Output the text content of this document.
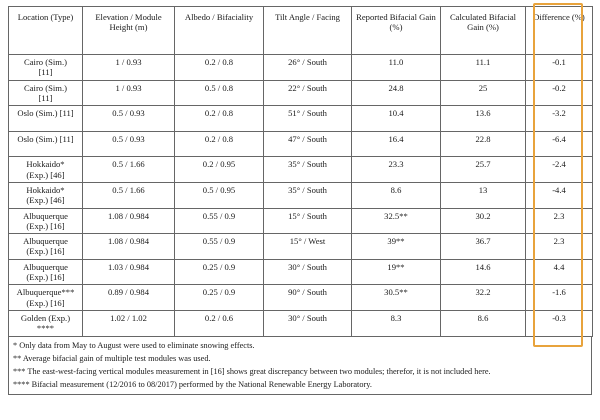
Location (Type)	Elevation / Module Height (m)	Albedo / Bifaciality	Tilt Angle / Facing	Reported Bifacial Gain (%)	Calculated Bifacial Gain (%)	Difference (%)

Cairo (Sim.)
[11]	1 / 0.93	0.2 / 0.8	26° / South	11.0	11.1	-0.1

Cairo (Sim.)
[11]	1 / 0.93	0.5 / 0.8	22° / South	24.8	25	-0.2

Oslo (Sim.) [11]	0.5 / 0.93	0.2 / 0.8	51° / South	10.4	13.6	-3.2

Oslo (Sim.) [11]	0.5 / 0.93	0.2 / 0.8	47° / South	16.4	22.8	-6.4

Hokkaido*
(Exp.) [46]	0.5 / 1.66	0.2 / 0.95	35° / South	23.3	25.7	-2.4

Hokkaido*
(Exp.) [46]	0.5 / 1.66	0.5 / 0.95	35° / South	8.6	13	-4.4

Albuquerque
(Exp.) [16]	1.08 / 0.984	0.55 / 0.9	15° / South	32.5**	30.2	2.3

Albuquerque
(Exp.) [16]	1.08 / 0.984	0.55 / 0.9	15° / West	39**	36.7	2.3

Albuquerque
(Exp.) [16]	1.03 / 0.984	0.25 / 0.9	30° / South	19**	14.6	4.4

Albuquerque***
(Exp.) [16]	0.89 / 0.984	0.25 / 0.9	90° / South	30.5**	32.2	-1.6

Golden (Exp.)
****	1.02 / 1.02	0.2 / 0.6	30° / South	8.3	8.6	-0.3
* Only data from May to August were used to eliminate snowing effects.
** Average bifacial gain of multiple test modules was used.
*** The east-west-facing vertical modules measurement in [16] shows great discrepancy between two modules; therefor, it is not included here.
**** Bifacial measurement (12/2016 to 08/2017) performed by the National Renewable Energy Laboratory.
